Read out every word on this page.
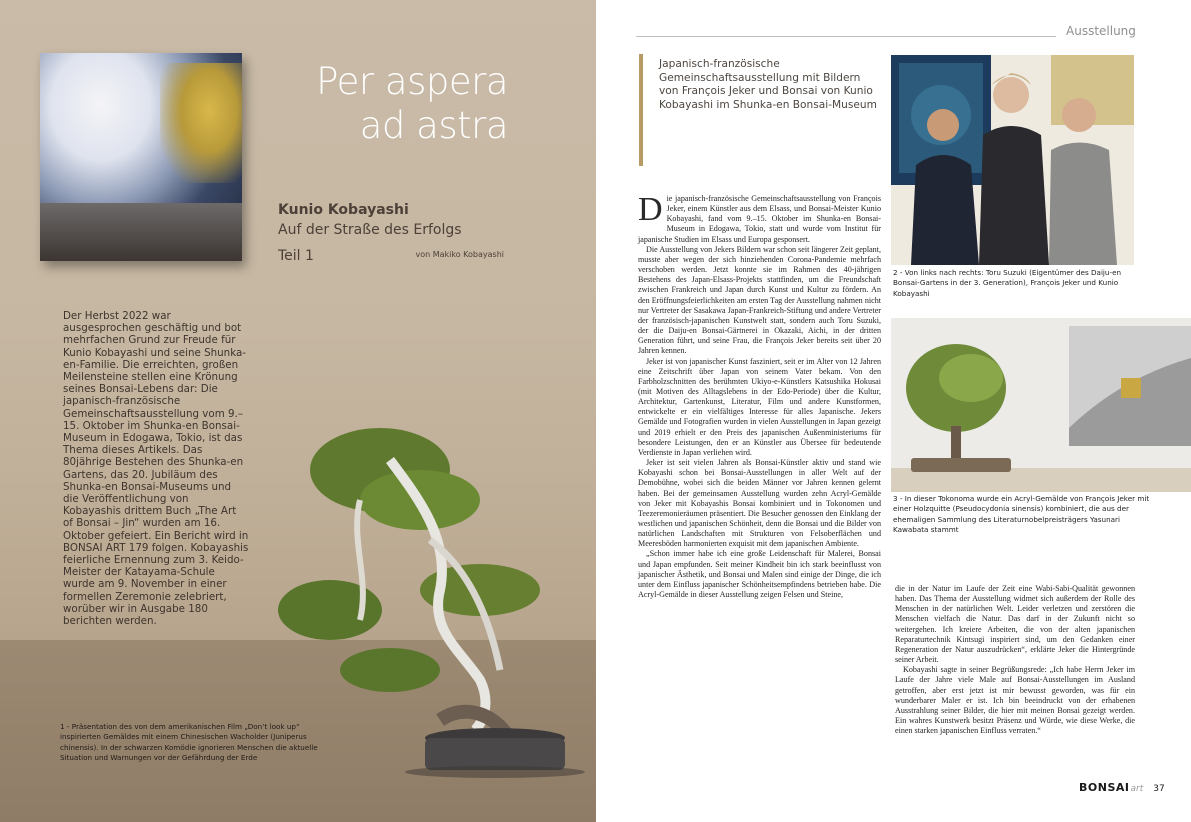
Per aspera
ad astra
Kunio Kobayashi
Auf der Straße des Erfolgs
Teil 1	von Makiko Kobayashi

Der Herbst 2022 war ausgesprochen geschäftig und bot mehrfachen Grund zur Freude für Kunio Kobayashi und seine Shunka-en-Familie. Die erreichten, großen Meilensteine stellen eine Krönung seines Bonsai-Lebens dar: Die japanisch-französische Gemeinschaftsausstellung vom 9.–15. Oktober im Shunka-en Bonsai-Museum in Edogawa, Tokio, ist das Thema dieses Artikels. Das 80jährige Bestehen des Shunka-en Gartens, das 20. Jubiläum des Shunka-en Bonsai-Museums und die Veröffentlichung von Kobayashis drittem Buch „The Art of Bonsai – Jin“ wurden am 16. Oktober gefeiert. Ein Bericht wird in BONSAI ART 179 folgen. Kobayashis feierliche Ernennung zum 3. Keido-Meister der Katayama-Schule wurde am 9. November in einer formellen Zeremonie zelebriert, worüber wir in Ausgabe 180 berichten werden.

1 - Präsentation des von dem amerikanischen Film „Don’t look up“ inspirierten Gemäldes mit einem Chinesischen Wacholder (Juniperus chinensis). In der schwarzen Komödie ignorieren Menschen die aktuelle Situation und Warnungen vor der Gefährdung der Erde

Ausstellung

Japanisch-französische Gemeinschaftsausstellung mit Bildern von François Jeker und Bonsai von Kunio Kobayashi im Shunka-en Bonsai-Museum

Die japanisch-französische Gemeinschaftsausstellung von François Jeker, einem Künstler aus dem Elsass, und Bonsai-Meister Kunio Kobayashi, fand vom 9.–15. Oktober im Shunka-en Bonsai-Museum in Edogawa, Tokio, statt und wurde vom Institut für japanische Studien im Elsass und Europa gesponsert.

Die Ausstellung von Jekers Bildern war schon seit längerer Zeit geplant, musste aber wegen der sich hinziehenden Corona-Pandemie mehrfach verschoben werden. Jetzt konnte sie im Rahmen des 40-jährigen Bestehens des Japan-Elsass-Projekts stattfinden, um die Freundschaft zwischen Frankreich und Japan durch Kunst und Kultur zu fördern. An den Eröffnungsfeierlichkeiten am ersten Tag der Ausstellung nahmen nicht nur Vertreter der Sasakawa Japan-Frankreich-Stiftung und andere Vertreter der französisch-japanischen Kunstwelt statt, sondern auch Toru Suzuki, der die Daiju-en Bonsai-Gärtnerei in Okazaki, Aichi, in der dritten Generation führt, und seine Frau, die François Jeker bereits seit über 20 Jahren kennen.

Jeker ist von japanischer Kunst fasziniert, seit er im Alter von 12 Jahren eine Zeitschrift über Japan von seinem Vater bekam. Von den Farbholzschnitten des berühmten Ukiyo-e-Künstlers Katsushika Hokusai (mit Motiven des Alltagslebens in der Edo-Periode) über die Kultur, Architektur, Gartenkunst, Literatur, Film und andere Kunstformen, entwickelte er ein vielfältiges Interesse für alles Japanische. Jekers Gemälde und Fotografien wurden in vielen Ausstellungen in Japan gezeigt und 2019 erhielt er den Preis des japanischen Außenministeriums für besondere Leistungen, den er an Künstler aus Übersee für bedeutende Verdienste in Japan verliehen wird.

Jeker ist seit vielen Jahren als Bonsai-Künstler aktiv und stand wie Kobayashi schon bei Bonsai-Ausstellungen in aller Welt auf der Demobühne, wobei sich die beiden Männer vor Jahren kennen gelernt haben. Bei der gemeinsamen Ausstellung wurden zehn Acryl-Gemälde von Jeker mit Kobayashis Bonsai kombiniert und in Tokonomen und Teezeremonieräumen präsentiert. Die Besucher genossen den Einklang der westlichen und japanischen Schönheit, denn die Bonsai und die Bilder von natürlichen Landschaften mit Strukturen von Felsoberflächen und Meeresböden harmonierten exquisit mit dem japanischen Ambiente.

„Schon immer habe ich eine große Leidenschaft für Malerei, Bonsai und Japan empfunden. Seit meiner Kindheit bin ich stark beeinflusst von japanischer Ästhetik, und Bonsai und Malen sind einige der Dinge, die ich unter dem Einfluss japanischer Schönheitsempfindens betrieben habe. Die Acryl-Gemälde in dieser Ausstellung zeigen Felsen und Steine,

2 - Von links nach rechts: Toru Suzuki (Eigentümer des Daiju-en Bonsai-Gartens in der 3. Generation), François Jeker und Kunio Kobayashi
3 - In dieser Tokonoma wurde ein Acryl-Gemälde von François Jeker mit einer Holzquitte (Pseudocydonia sinensis) kombiniert, die aus der ehemaligen Sammlung des Literaturnobelpreisträgers Yasunari Kawabata stammt

die in der Natur im Laufe der Zeit eine Wabi-Sabi-Qualität gewonnen haben. Das Thema der Ausstellung widmet sich außerdem der Rolle des Menschen in der natürlichen Welt. Leider verletzen und zerstören die Menschen vielfach die Natur. Das darf in der Zukunft nicht so weitergehen. Ich kreiere Arbeiten, die von der alten japanischen Reparaturtechnik Kintsugi inspiriert sind, um den Gedanken einer Regeneration der Natur auszudrücken“, erklärte Jeker die Hintergründe seiner Arbeit.

Kobayashi sagte in seiner Begrüßungsrede: „Ich habe Herrn Jeker im Laufe der Jahre viele Male auf Bonsai-Ausstellungen im Ausland getroffen, aber erst jetzt ist mir bewusst geworden, was für ein wunderbarer Maler er ist. Ich bin beeindruckt von der erhabenen Ausstrahlung seiner Bilder, die hier mit meinen Bonsai gezeigt werden. Ein wahres Kunstwerk besitzt Präsenz und Würde, wie diese Werke, die einen starken japanischen Einfluss verraten.“

BONSAIart 37
